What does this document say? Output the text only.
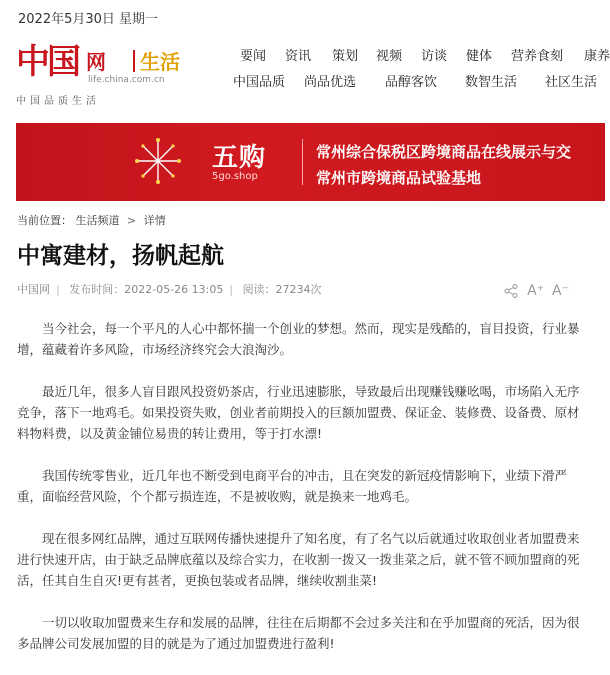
2022年5月30日 星期一
中国 网 生活
life.china.com.cn
中国品质生活
要闻 资讯 策划 视频 访谈 健体 营养食刻 康养
中国品质 尚品优选 品醇客饮 数智生活 社区生活
五购
5go.shop
常州综合保税区跨境商品在线展示与交
常州市跨境商品试验基地
当前位置： 生活频道 > 详情
中寓建材，扬帆起航
中国网 | 发布时间：2022-05-26 13:05 | 阅读：27234次	A⁺ A⁻

当今社会，每一个平凡的人心中都怀揣一个创业的梦想。然而，现实是残酷的，盲目投资，行业暴增，蕴藏着许多风险，市场经济终究会大浪淘沙。

最近几年，很多人盲目跟风投资奶茶店，行业迅速膨胀，导致最后出现赚钱赚吆喝，市场陷入无序竞争，落下一地鸡毛。如果投资失败，创业者前期投入的巨额加盟费、保证金、装修费、设备费、原材料物料费，以及黄金铺位易贵的转让费用，等于打水漂!

我国传统零售业，近几年也不断受到电商平台的冲击，且在突发的新冠疫情影响下，业绩下滑严重，面临经营风险，个个都亏损连连，不是被收购，就是换来一地鸡毛。

现在很多网红品牌，通过互联网传播快速提升了知名度，有了名气以后就通过收取创业者加盟费来进行快速开店，由于缺乏品牌底蕴以及综合实力，在收割一拨又一拨韭菜之后，就不管不顾加盟商的死活，任其自生自灭!更有甚者，更换包装或者品牌，继续收割韭菜!

一切以收取加盟费来生存和发展的品牌，往往在后期都不会过多关注和在乎加盟商的死活，因为很多品牌公司发展加盟的目的就是为了通过加盟费进行盈利!
